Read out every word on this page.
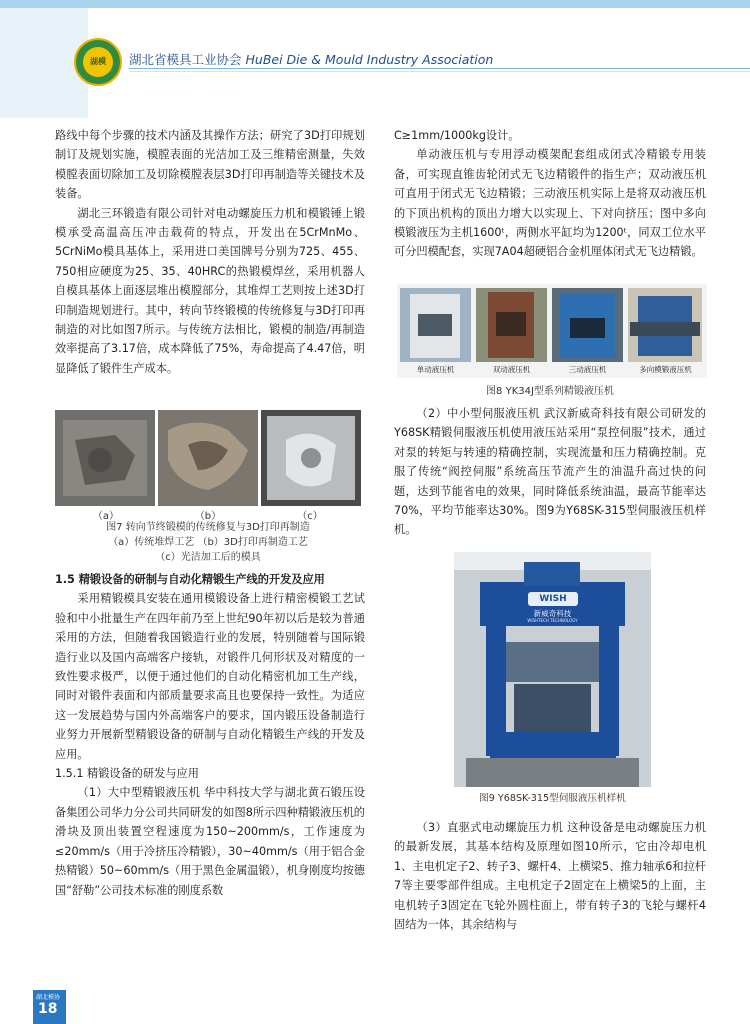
湖模	湖北省模具工业协会 HuBei Die & Mould Industry Association

路线中每个步骤的技术内涵及其操作方法；研究了3D打印规划制订及规划实施，模膛表面的光洁加工及三维精密测量，失效模膛表面切除加工及切除模膛表层3D打印再制造等关键技术及装备。

湖北三环锻造有限公司针对电动螺旋压力机和模锻锤上锻模承受高温高压冲击载荷的特点，开发出在5CrMnMo、5CrNiMo模具基体上，采用进口美国牌号分别为725、455、750相应硬度为25、35、40HRC的热锻模焊丝，采用机器人自模具基体上面逐层堆出模膛部分，其堆焊工艺则按上述3D打印制造规划进行。其中，转向节终锻模的传统修复与3D打印再制造的对比如图7所示。与传统方法相比，锻模的制造/再制造效率提高了3.17倍，成本降低了75%，寿命提高了4.47倍，明显降低了锻件生产成本。

（a）	（b）	（c）
图7 转向节终锻模的传统修复与3D打印再制造
（a）传统堆焊工艺 （b）3D打印再制造工艺
（c）光洁加工后的模具

1.5 精锻设备的研制与自动化精锻生产线的开发及应用

采用精锻模具安装在通用模锻设备上进行精密模锻工艺试验和中小批量生产在四年前乃至上世纪90年初以后是较为普通采用的方法，但随着我国锻造行业的发展，特别随着与国际锻造行业以及国内高端客户接轨，对锻件几何形状及对精度的一致性要求极严，以便于通过他们的自动化精密机加工生产线，同时对锻件表面和内部质量要求高且也要保持一致性。为适应这一发展趋势与国内外高端客户的要求，国内锻压设备制造行业努力开展新型精锻设备的研制与自动化精锻生产线的开发及应用。

1.5.1 精锻设备的研发与应用

（1）大中型精锻液压机 华中科技大学与湖北黄石锻压设备集团公司华力分公司共同研发的如图8所示四种精锻液压机的滑块及顶出装置空程速度为150~200mm/s，工作速度为≤20mm/s（用于冷挤压冷精锻），30~40mm/s（用于铝合金热精锻）50~60mm/s（用于黑色金属温锻），机身刚度均按德国“舒勒”公司技术标准的刚度系数

C≥1mm/1000kg设计。

单动液压机与专用浮动模架配套组成闭式冷精锻专用装备，可实现直锥齿轮闭式无飞边精锻件的指生产；双动液压机可直用于闭式无飞边精锻；三动液压机实际上是将双动液压机的下顶出机构的顶出力增大以实现上、下对向挤压；图中多向模锻液压为主机1600ᵗ，两侧水平缸均为1200ᵗ，同双工位水平可分凹模配套，实现7A04超硬铝合金机厘体闭式无飞边精锻。

单动液压机	双动液压机	三动液压机	多向模锻液压机
图8 YK34J型系列精锻液压机

（2）中小型伺服液压机 武汉新威奇科技有限公司研发的Y68SK精锻伺服液压机使用液压站采用“泵控伺服”技术，通过对泵的转矩与转速的精确控制，实现流量和压力精确控制。克服了传统“阀控伺服”系统高压节流产生的油温升高过快的问题，达到节能省电的效果，同时降低系统油温，最高节能率达70%，平均节能率达30%。图9为Y68SK-315型伺服液压机样机。

WISH
新威奇科技
WISHTECH TECHNOLOGY
图9 Y68SK-315型伺服液压机样机

（3）直驱式电动螺旋压力机 这种设备是电动螺旋压力机的最新发展，其基本结构及原理如图10所示，它由冷却电机1、主电机定子2、转子3、螺杆4、上横梁5、推力轴承6和拉杆7等主要零部件组成。主电机定子2固定在上横梁5的上面，主电机转子3固定在飞轮外圆柱面上，带有转子3的飞轮与螺杆4固结为一体，其余结构与

湖北模协
18
